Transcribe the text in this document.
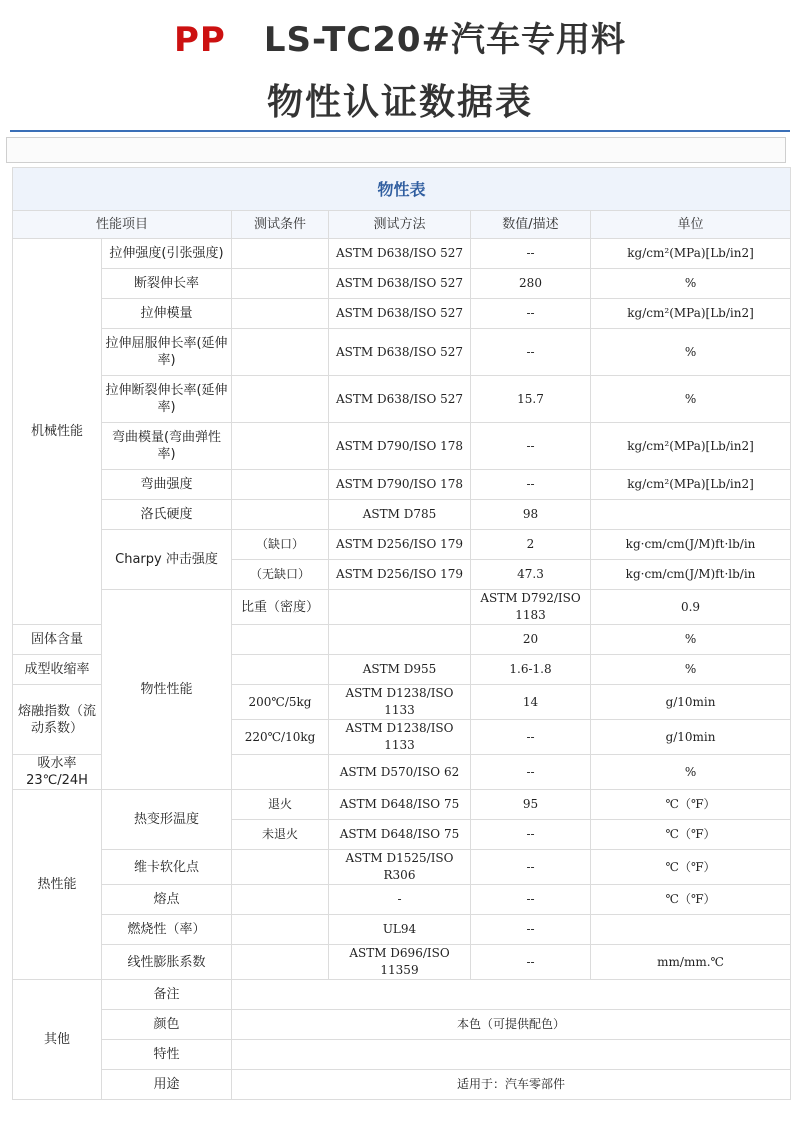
PP LS-TC20#汽车专用料
物性认证数据表
物性表						
性能项目		测试条件	测试方法	数值/描述	单位	
机械性能	拉伸强度(引张强度)		ASTM D638/ISO 527	--	kg/cm²(MPa)[Lb/in2]	
	断裂伸长率		ASTM D638/ISO 527	280	%	
	拉伸模量		ASTM D638/ISO 527	--	kg/cm²(MPa)[Lb/in2]	
	拉伸屈服伸长率(延伸率)		ASTM D638/ISO 527	--	%	
	拉伸断裂伸长率(延伸率)		ASTM D638/ISO 527	15.7	%	
	弯曲模量(弯曲弹性率)		ASTM D790/ISO 178	--	kg/cm²(MPa)[Lb/in2]	
	弯曲强度		ASTM D790/ISO 178	--	kg/cm²(MPa)[Lb/in2]	
	洛氏硬度		ASTM D785	98		
	Charpy 冲击强度	（缺口）	ASTM D256/ISO 179	2	kg·cm/cm(J/M)ft·lb/in	
		（无缺口）	ASTM D256/ISO 179	47.3	kg·cm/cm(J/M)ft·lb/in	
	物性性能	比重（密度）		ASTM D792/ISO 1183	0.9	
固体含量				20	%	
成型收缩率			ASTM D955	1.6-1.8	%	
熔融指数（流动系数）		200℃/5kg	ASTM D1238/ISO 1133	14	g/10min	
		220℃/10kg	ASTM D1238/ISO 1133	--	g/10min	
吸水率 23℃/24H			ASTM D570/ISO 62	--	%	
热性能	热变形温度	退火	ASTM D648/ISO 75	95	℃（℉）	
		未退火	ASTM D648/ISO 75	--	℃（℉）	
	维卡软化点		ASTM D1525/ISO R306	--	℃（℉）	
	熔点		-	--	℃（℉）	
	燃烧性（率）		UL94	--		
	线性膨胀系数		ASTM D696/ISO 11359	--	mm/mm.℃	
其他	备注					
	颜色	本色（可提供配色）				
	特性					
	用途	适用于：汽车零部件				
